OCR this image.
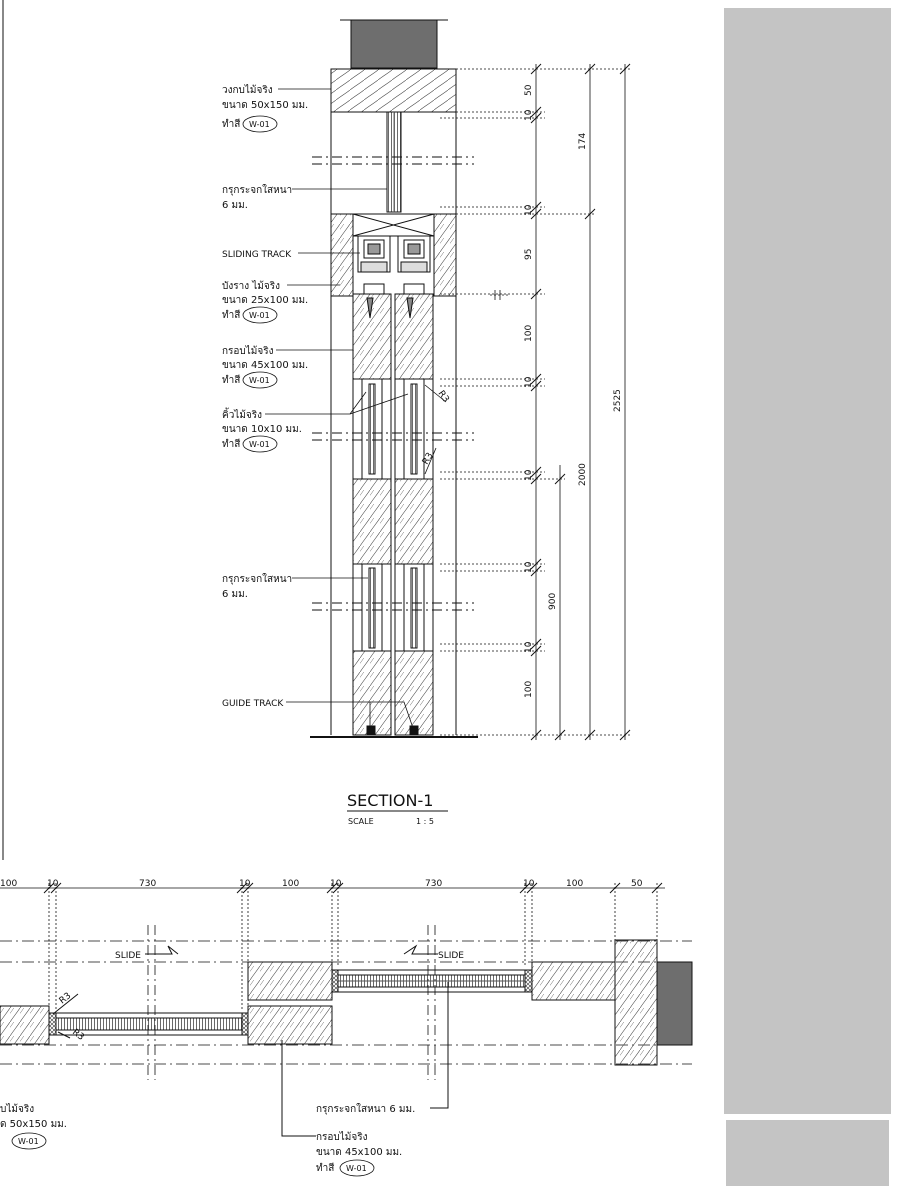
50
10
174
10
95
100
10
2525
10	2000
10
900
10
100
R3
R3
วงกบไม้จริง
ขนาด 50x150 มม.
ทำสี W-01
กรุกระจกใสหนา
6 มม.
SLIDING TRACK
บังราง ไม้จริง
ขนาด 25x100 มม.
ทำสี W-01
กรอบไม้จริง
ขนาด 45x100 มม.
ทำสี W-01
คิ้วไม้จริง
ขนาด 10x10 มม.
ทำสี W-01
กรุกระจกใสหนา
6 มม.
GUIDE TRACK
SECTION-1
SCALE	1 : 5
100	10	730	10	100	10	730	10	100	50
SLIDE	SLIDE
R3
R3
บไม้จริง
ด 50x150 มม.
W-01
กรุกระจกใสหนา 6 มม.
กรอบไม้จริง
ขนาด 45x100 มม.
ทำสี W-01
